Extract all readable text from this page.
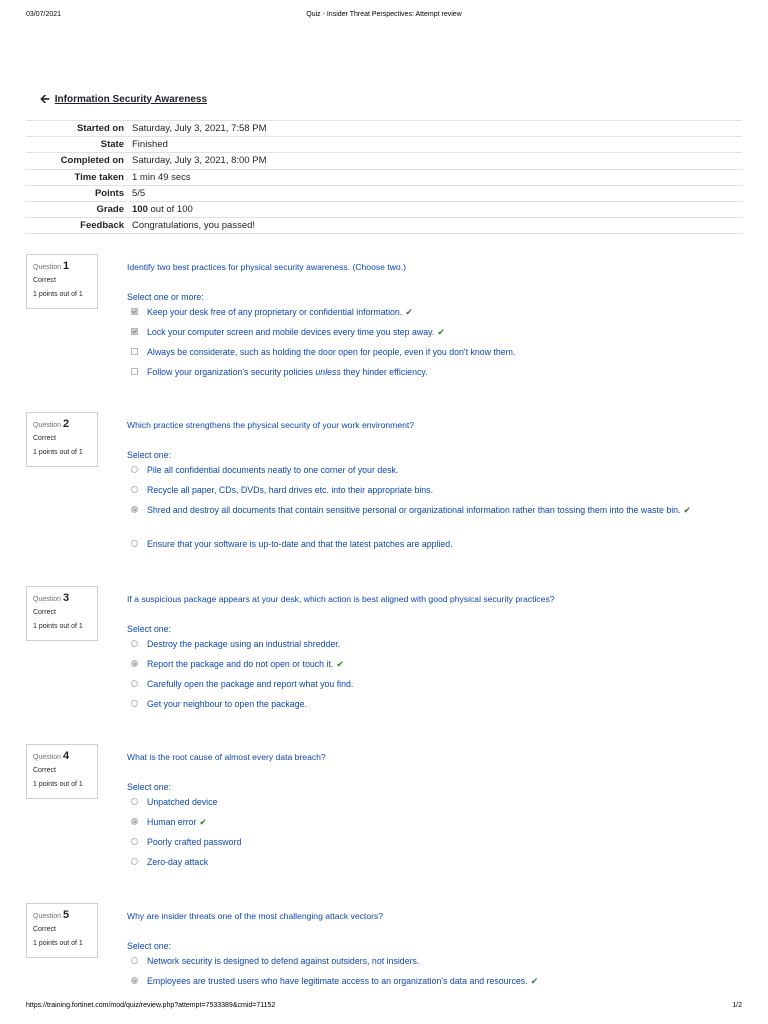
03/07/2021	Quiz - Insider Threat Perspectives: Attempt review
🡨 Information Security Awareness
Started on	Saturday, July 3, 2021, 7:58 PM
State	Finished
Completed on	Saturday, July 3, 2021, 8:00 PM
Time taken	1 min 49 secs
Points	5/5
Grade	100 out of 100
Feedback	Congratulations, you passed!
Question 1
Correct
1 points out of 1
Identify two best practices for physical security awareness. (Choose two.)
Select one or more:
Keep your desk free of any proprietary or confidential information. ✔
Lock your computer screen and mobile devices every time you step away. ✔
Always be considerate, such as holding the door open for people, even if you don't know them.
Follow your organization's security policies unless they hinder efficiency.
Question 2
Correct
1 points out of 1
Which practice strengthens the physical security of your work environment?
Select one:
Pile all confidential documents neatly to one corner of your desk.
Recycle all paper, CDs, DVDs, hard drives etc. into their appropriate bins.
Shred and destroy all documents that contain sensitive personal or organizational information rather than tossing them into the waste bin. ✔
Ensure that your software is up-to-date and that the latest patches are applied.
Question 3
Correct
1 points out of 1
If a suspicious package appears at your desk, which action is best aligned with good physical security practices?
Select one:
Destroy the package using an industrial shredder.
Report the package and do not open or touch it. ✔
Carefully open the package and report what you find.
Get your neighbour to open the package.
Question 4
Correct
1 points out of 1
What is the root cause of almost every data breach?
Select one:
Unpatched device
Human error ✔
Poorly crafted password
Zero-day attack
Question 5
Correct
1 points out of 1
Why are insider threats one of the most challenging attack vectors?
Select one:
Network security is designed to defend against outsiders, not insiders.
Employees are trusted users who have legitimate access to an organization's data and resources. ✔
https://training.fortinet.com/mod/quiz/review.php?attempt=7533389&cmid=71152	1/2
